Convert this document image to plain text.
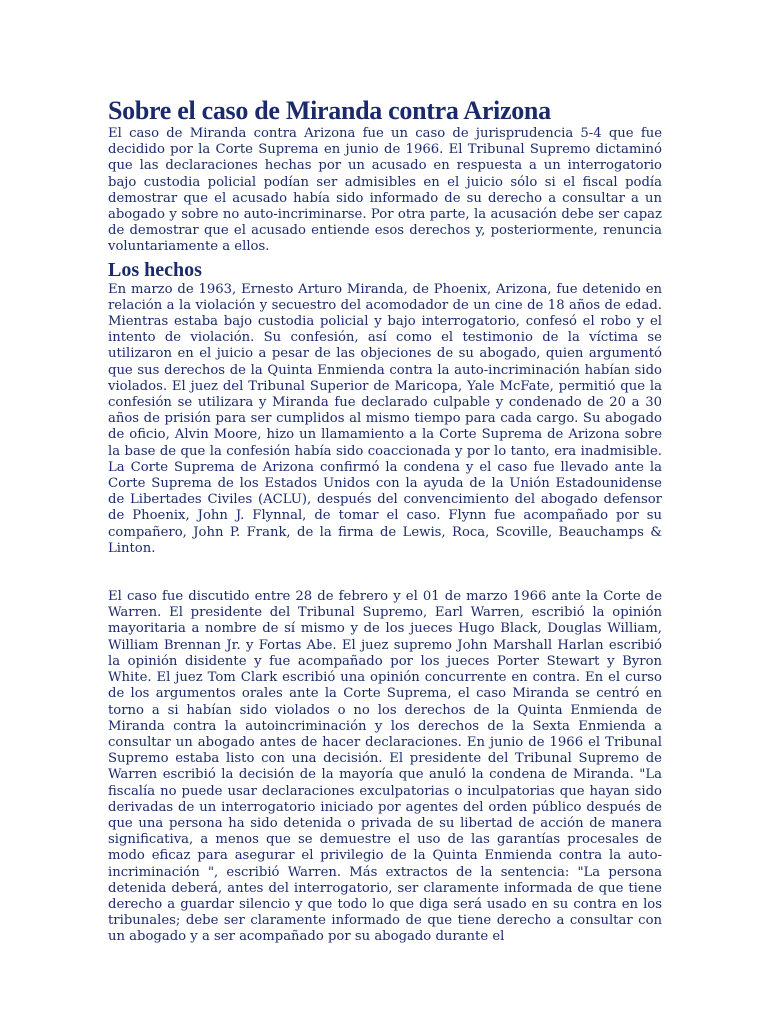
Sobre el caso de Miranda contra Arizona

El caso de Miranda contra Arizona fue un caso de jurisprudencia 5-4 que fue decidido por la Corte Suprema en junio de 1966. El Tribunal Supremo dictaminó que las declaraciones hechas por un acusado en respuesta a un interrogatorio bajo custodia policial podían ser admisibles en el juicio sólo si el fiscal podía demostrar que el acusado había sido informado de su derecho a consultar a un abogado y sobre no auto-incriminarse. Por otra parte, la acusación debe ser capaz de demostrar que el acusado entiende esos derechos y, posteriormente, renuncia voluntariamente a ellos.

Los hechos

En marzo de 1963, Ernesto Arturo Miranda, de Phoenix, Arizona, fue detenido en relación a la violación y secuestro del acomodador de un cine de 18 años de edad. Mientras estaba bajo custodia policial y bajo interrogatorio, confesó el robo y el intento de violación. Su confesión, así como el testimonio de la víctima se utilizaron en el juicio a pesar de las objeciones de su abogado, quien argumentó que sus derechos de la Quinta Enmienda contra la auto-incriminación habían sido violados. El juez del Tribunal Superior de Maricopa, Yale McFate, permitió que la confesión se utilizara y Miranda fue declarado culpable y condenado de 20 a 30 años de prisión para ser cumplidos al mismo tiempo para cada cargo. Su abogado de oficio, Alvin Moore, hizo un llamamiento a la Corte Suprema de Arizona sobre la base de que la confesión había sido coaccionada y por lo tanto, era inadmisible. La Corte Suprema de Arizona confirmó la condena y el caso fue llevado ante la Corte Suprema de los Estados Unidos con la ayuda de la Unión Estadounidense de Libertades Civiles (ACLU), después del convencimiento del abogado defensor de Phoenix, John J. Flynnal, de tomar el caso. Flynn fue acompañado por su compañero, John P. Frank, de la firma de Lewis, Roca, Scoville, Beauchamps & Linton.

El caso fue discutido entre 28 de febrero y el 01 de marzo 1966 ante la Corte de Warren. El presidente del Tribunal Supremo, Earl Warren, escribió la opinión mayoritaria a nombre de sí mismo y de los jueces Hugo Black, Douglas William, William Brennan Jr. y Fortas Abe. El juez supremo John Marshall Harlan escribió la opinión disidente y fue acompañado por los jueces Porter Stewart y Byron White. El juez Tom Clark escribió una opinión concurrente en contra. En el curso de los argumentos orales ante la Corte Suprema, el caso Miranda se centró en torno a si habían sido violados o no los derechos de la Quinta Enmienda de Miranda contra la autoincriminación y los derechos de la Sexta Enmienda a consultar un abogado antes de hacer declaraciones. En junio de 1966 el Tribunal Supremo estaba listo con una decisión. El presidente del Tribunal Supremo de Warren escribió la decisión de la mayoría que anuló la condena de Miranda. "La fiscalía no puede usar declaraciones exculpatorias o inculpatorias que hayan sido derivadas de un interrogatorio iniciado por agentes del orden público después de que una persona ha sido detenida o privada de su libertad de acción de manera significativa, a menos que se demuestre el uso de las garantías procesales de modo eficaz para asegurar el privilegio de la Quinta Enmienda contra la auto-incriminación ", escribió Warren. Más extractos de la sentencia: "La persona detenida deberá, antes del interrogatorio, ser claramente informada de que tiene derecho a guardar silencio y que todo lo que diga será usado en su contra en los tribunales; debe ser claramente informado de que tiene derecho a consultar con un abogado y a ser acompañado por su abogado durante el
